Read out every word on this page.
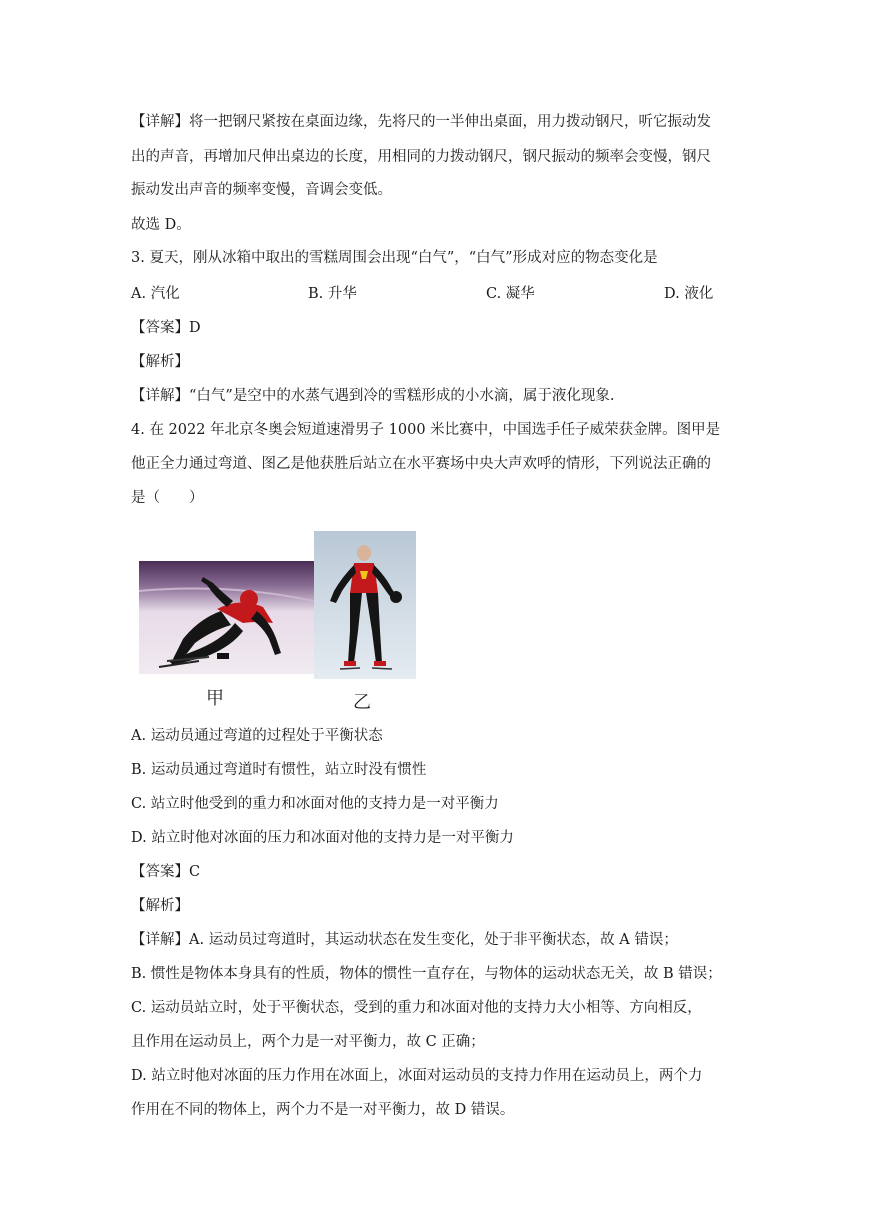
【详解】将一把钢尺紧按在桌面边缘，先将尺的一半伸出桌面，用力拨动钢尺，听它振动发
出的声音，再增加尺伸出桌边的长度，用相同的力拨动钢尺，钢尺振动的频率会变慢，钢尺
振动发出声音的频率变慢，音调会变低。
故选 D。
3. 夏天，刚从冰箱中取出的雪糕周围会出现“白气”，“白气”形成对应的物态变化是
A. 汽化	B. 升华	C. 凝华	D. 液化
【答案】D
【解析】
【详解】“白气”是空中的水蒸气遇到冷的雪糕形成的小水滴，属于液化现象.
4. 在 2022 年北京冬奥会短道速滑男子 1000 米比赛中，中国选手任子威荣获金牌。图甲是
他正全力通过弯道、图乙是他获胜后站立在水平赛场中央大声欢呼的情形，下列说法正确的
是（　　）
甲	乙
A. 运动员通过弯道的过程处于平衡状态
B. 运动员通过弯道时有惯性，站立时没有惯性
C. 站立时他受到的重力和冰面对他的支持力是一对平衡力
D. 站立时他对冰面的压力和冰面对他的支持力是一对平衡力
【答案】C
【解析】
【详解】A. 运动员过弯道时，其运动状态在发生变化，处于非平衡状态，故 A 错误；
B. 惯性是物体本身具有的性质，物体的惯性一直存在，与物体的运动状态无关，故 B 错误；
C. 运动员站立时，处于平衡状态，受到的重力和冰面对他的支持力大小相等、方向相反，
且作用在运动员上，两个力是一对平衡力，故 C 正确；
D. 站立时他对冰面的压力作用在冰面上，冰面对运动员的支持力作用在运动员上，两个力
作用在不同的物体上，两个力不是一对平衡力，故 D 错误。
